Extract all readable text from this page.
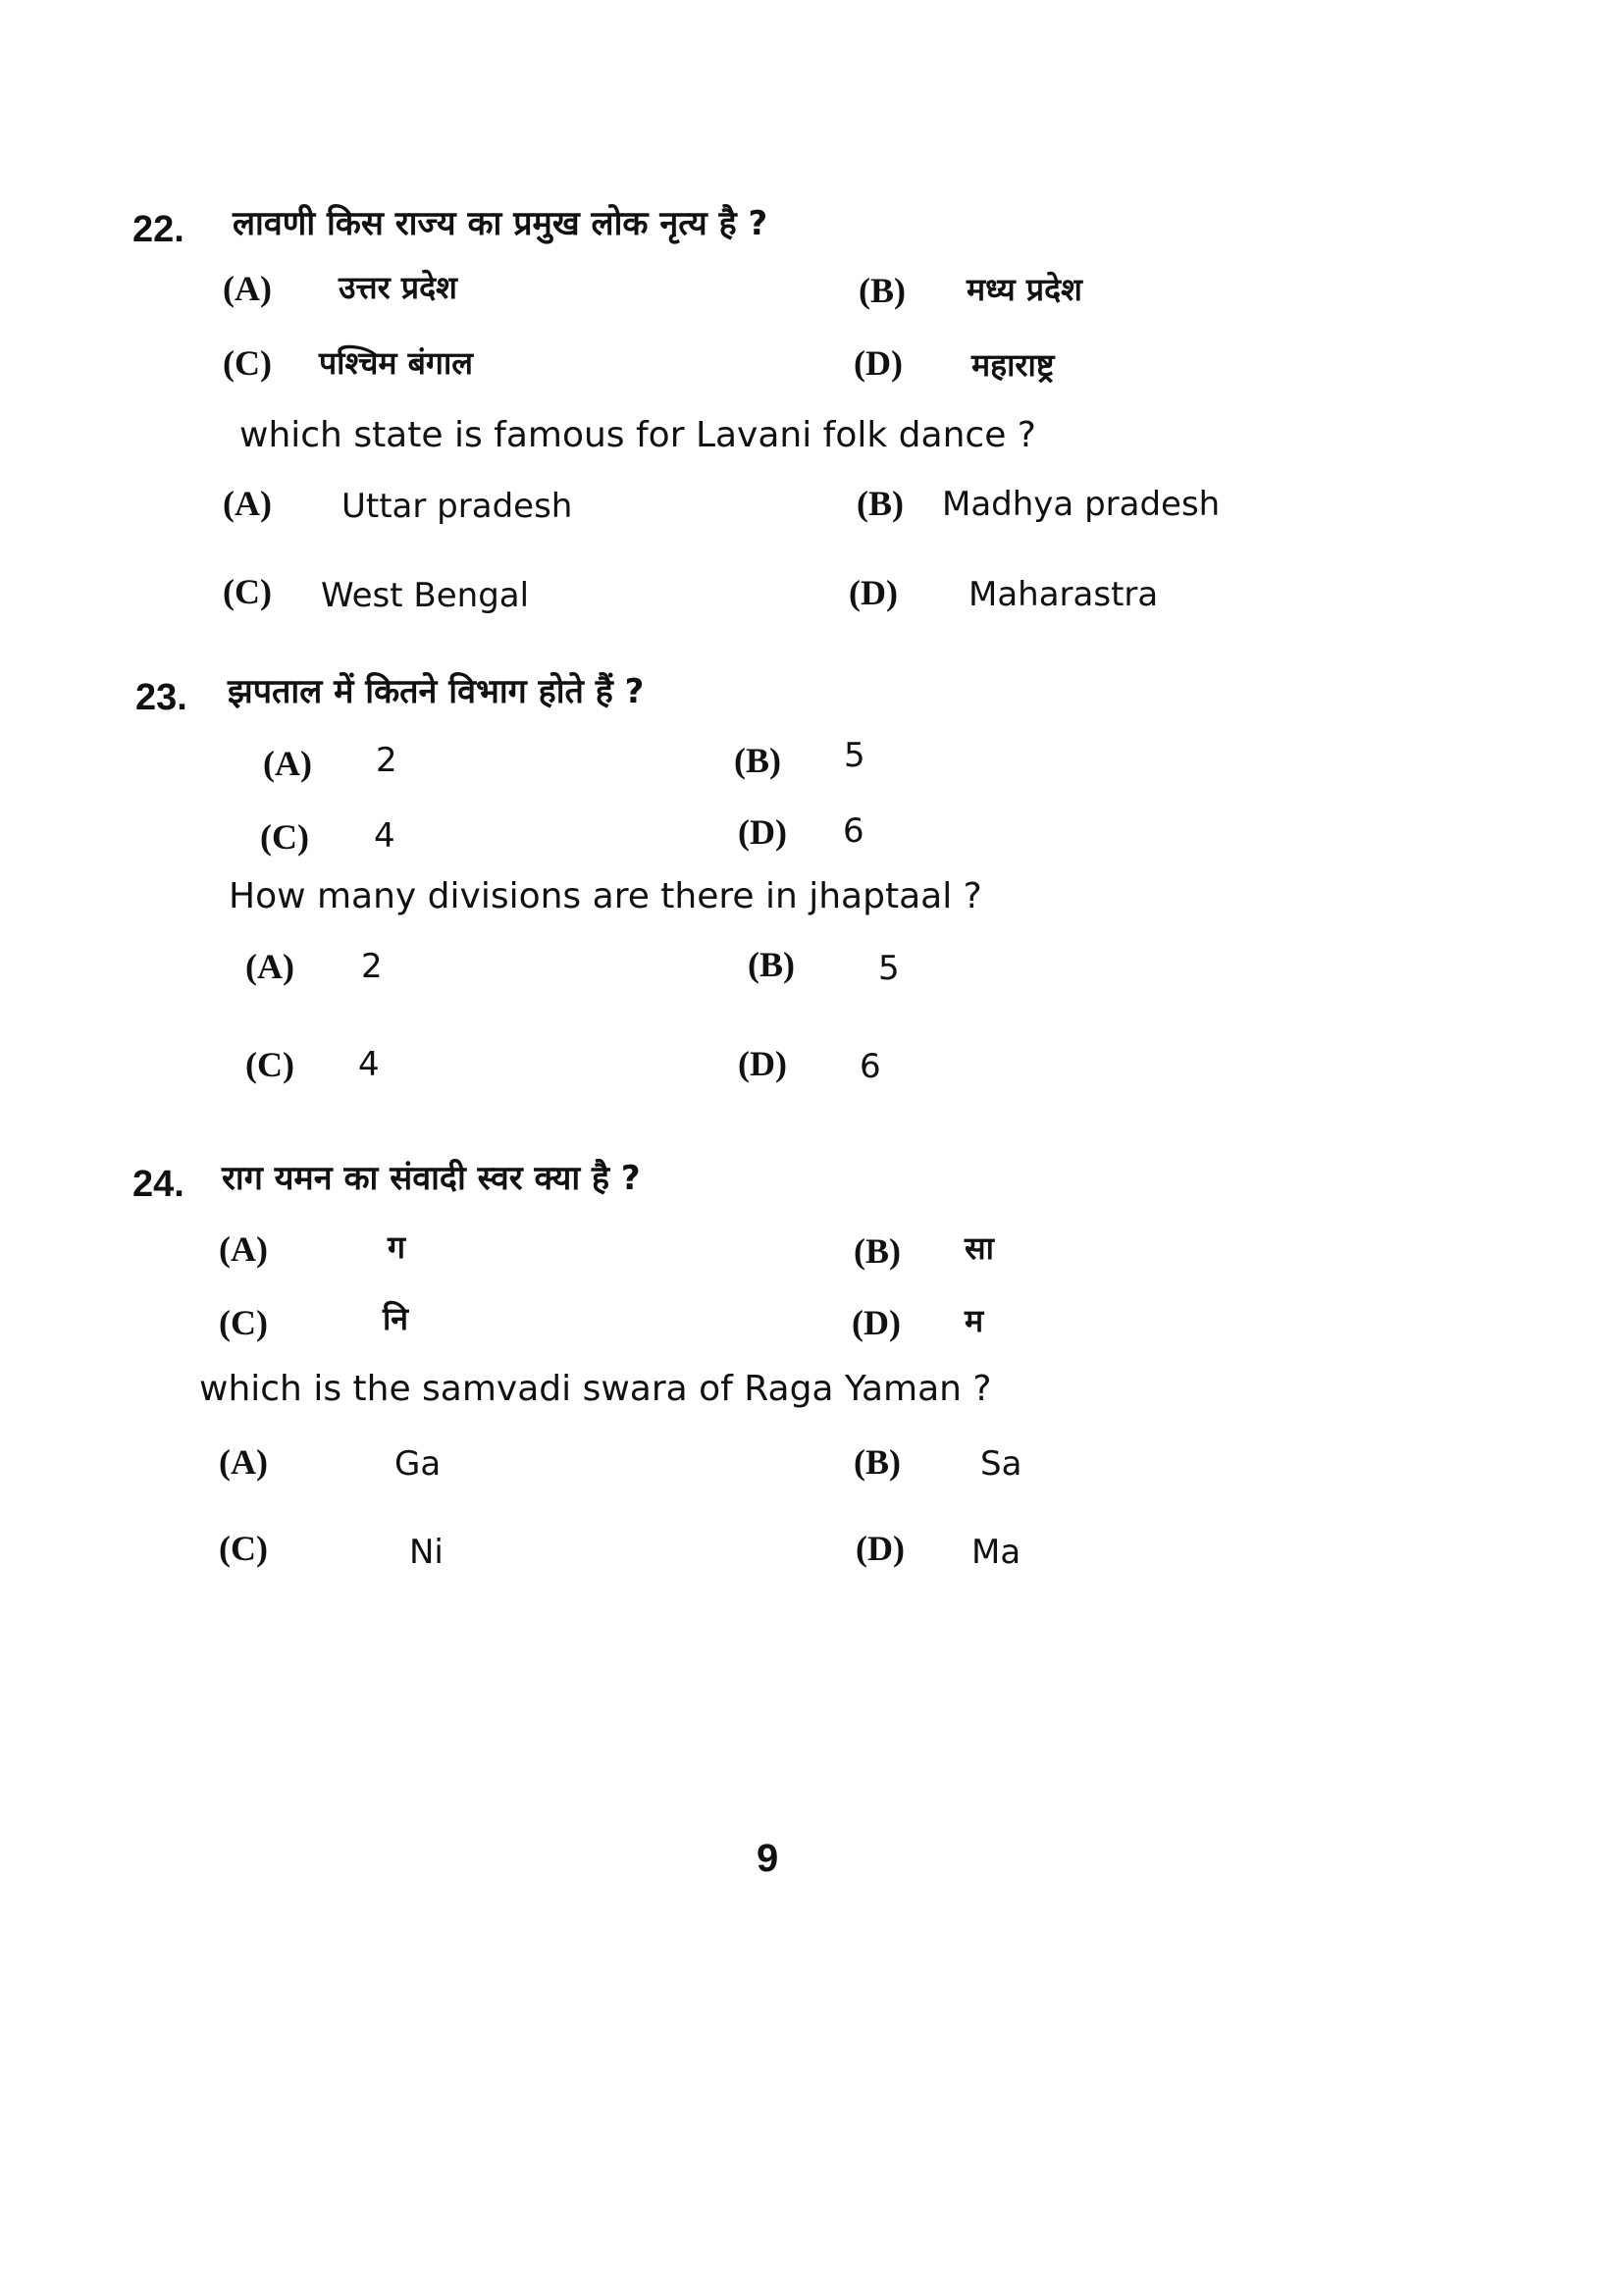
22. लावणी किस राज्य का प्रमुख लोक नृत्य है ?
(A) उत्तर प्रदेश	(B) मध्य प्रदेश
(C) पश्चिम बंगाल	(D) महाराष्ट्र
which state is famous for Lavani folk dance ?
(A) Uttar pradesh	(B) Madhya pradesh
(C) West Bengal	(D) Maharastra
23. झपताल में कितने विभाग होते हैं ?
(A) 2	(B) 5
(C) 4	(D) 6
How many divisions are there in jhaptaal ?
(A) 2	(B)	5
(C) 4	(D) 6
24. राग यमन का संवादी स्वर क्या है ?
(A)	ग	(B) सा
(C)	नि	(D) म
which is the samvadi swara of Raga Yaman ?
(A)	Ga	(B) Sa
(C)	Ni	(D) Ma
9
